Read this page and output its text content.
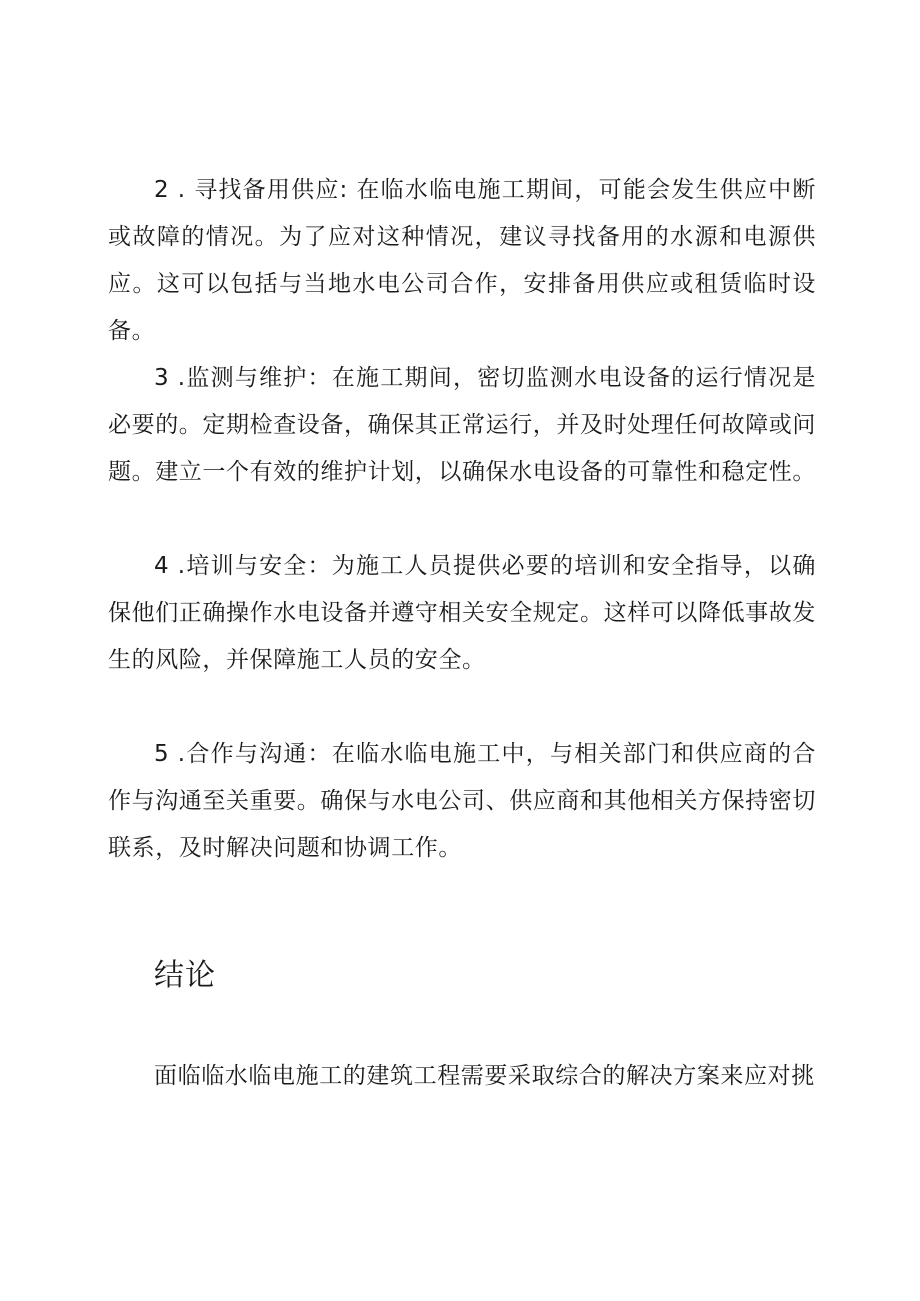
2 . 寻找备用供应: 在临水临电施工期间，可能会发生供应中断或故障的情况。为了应对这种情况，建议寻找备用的水源和电源供应。这可以包括与当地水电公司合作，安排备用供应或租赁临时设备。

3 .监测与维护：在施工期间，密切监测水电设备的运行情况是必要的。定期检查设备，确保其正常运行，并及时处理任何故障或问题。建立一个有效的维护计划，以确保水电设备的可靠性和稳定性。

4 .培训与安全：为施工人员提供必要的培训和安全指导，以确保他们正确操作水电设备并遵守相关安全规定。这样可以降低事故发生的风险，并保障施工人员的安全。

5 .合作与沟通：在临水临电施工中，与相关部门和供应商的合作与沟通至关重要。确保与水电公司、供应商和其他相关方保持密切联系，及时解决问题和协调工作。

结论

面临临水临电施工的建筑工程需要采取综合的解决方案来应对挑
